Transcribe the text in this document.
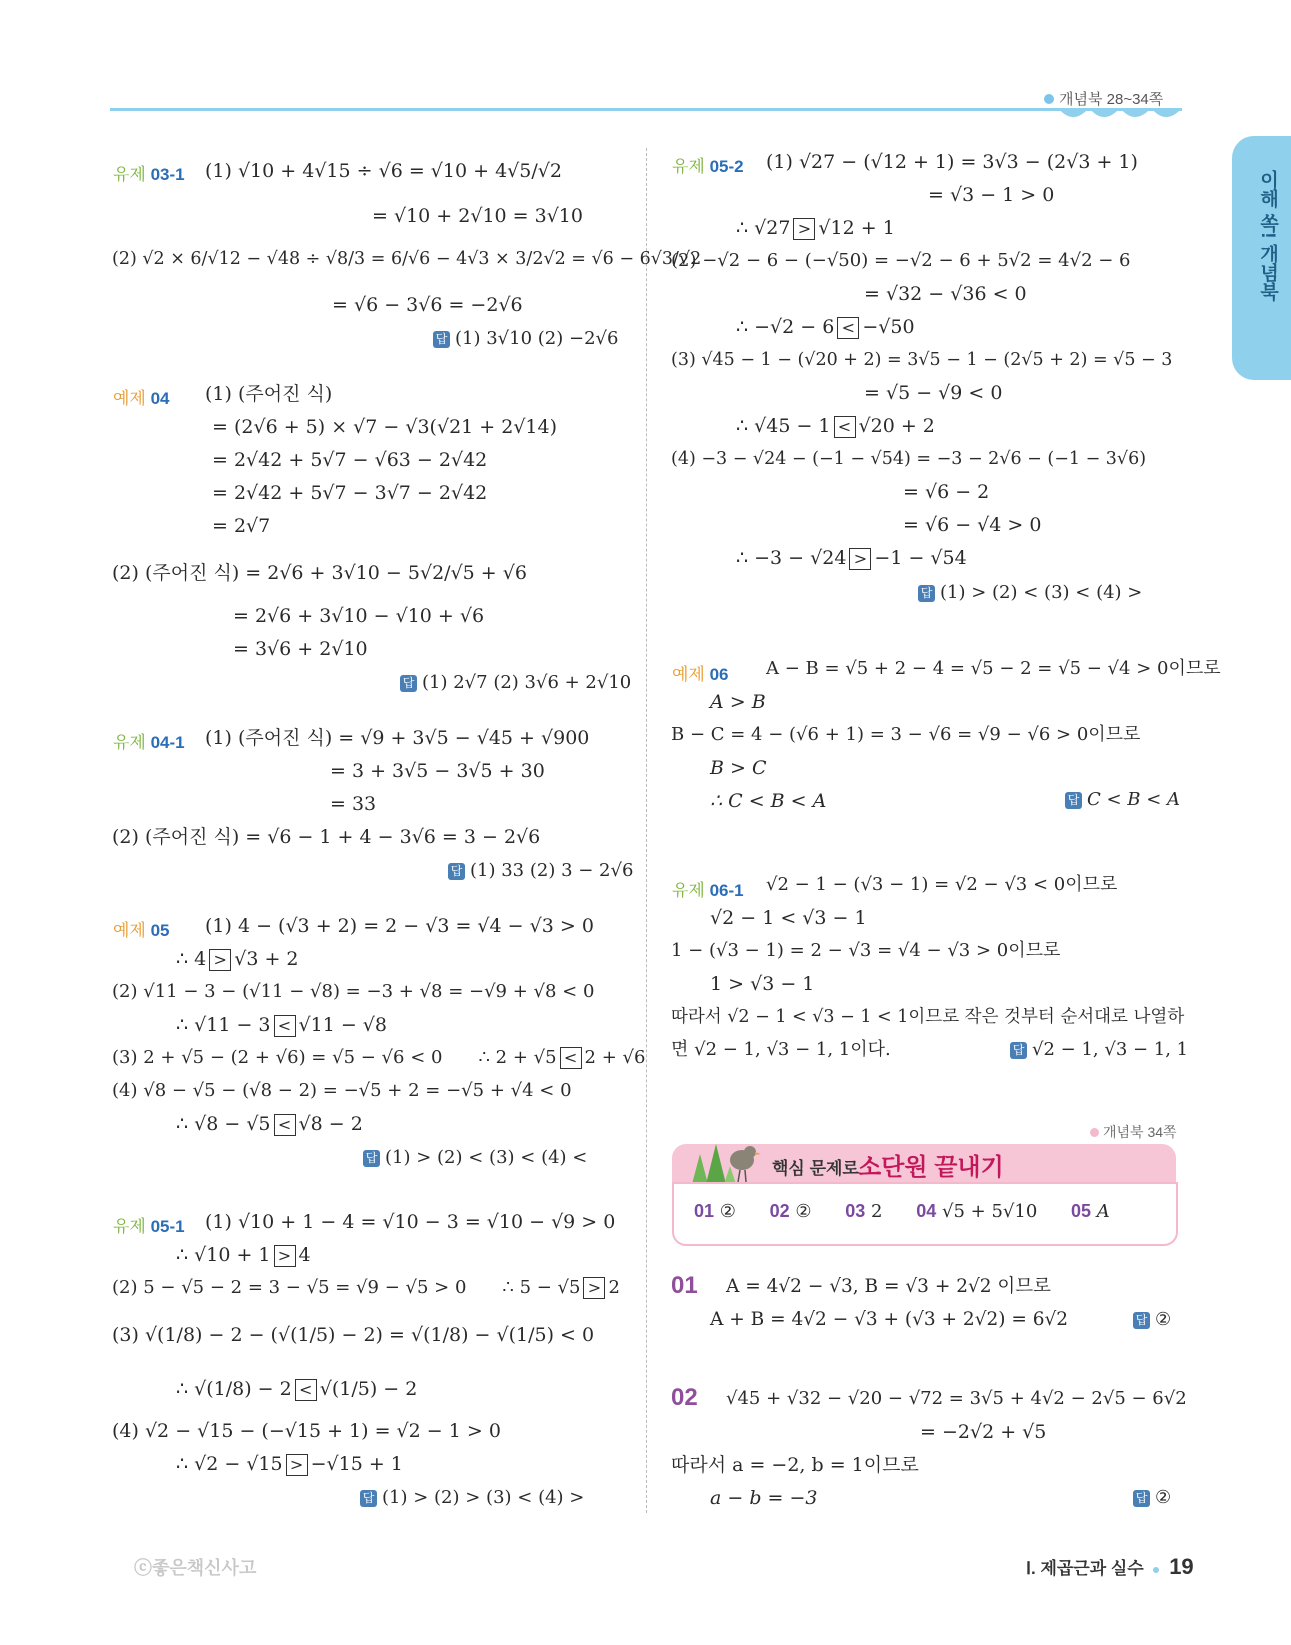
개념북 28~34쪽
이해 쏙! 개념북
유제 03-1 (1) √10 + 4√15 ÷ √6 = √10 + 4√5/√2
= √10 + 2√10 = 3√10
(2) √2 × 6/√12 − √48 ÷ √8/3 = 6/√6 − 4√3 × 3/2√2 = √6 − 6√3/√2
= √6 − 3√6 = −2√6
답 (1) 3√10 (2) −2√6
예제 04 (1) (주어진 식)
= (2√6 + 5) × √7 − √3(√21 + 2√14)
= 2√42 + 5√7 − √63 − 2√42
= 2√42 + 5√7 − 3√7 − 2√42
= 2√7
(2) (주어진 식) = 2√6 + 3√10 − 5√2/√5 + √6
= 2√6 + 3√10 − √10 + √6
= 3√6 + 2√10
답 (1) 2√7 (2) 3√6 + 2√10
유제 04-1 (1) (주어진 식) = √9 + 3√5 − √45 + √900
= 3 + 3√5 − 3√5 + 30
= 33
(2) (주어진 식) = √6 − 1 + 4 − 3√6 = 3 − 2√6
답 (1) 33 (2) 3 − 2√6
예제 05 (1) 4 − (√3 + 2) = 2 − √3 = √4 − √3 > 0
∴ 4 > √3 + 2
(2) √11 − 3 − (√11 − √8) = −3 + √8 = −√9 + √8 < 0
∴ √11 − 3 < √11 − √8
(3) 2 + √5 − (2 + √6) = √5 − √6 < 0 ∴ 2 + √5 < 2 + √6
(4) √8 − √5 − (√8 − 2) = −√5 + 2 = −√5 + √4 < 0
∴ √8 − √5 < √8 − 2
답 (1) > (2) < (3) < (4) <
유제 05-1 (1) √10 + 1 − 4 = √10 − 3 = √10 − √9 > 0
∴ √10 + 1 > 4
(2) 5 − √5 − 2 = 3 − √5 = √9 − √5 > 0 ∴ 5 − √5 > 2
(3) √(1/8) − 2 − (√(1/5) − 2) = √(1/8) − √(1/5) < 0
∴ √(1/8) − 2 < √(1/5) − 2
(4) √2 − √15 − (−√15 + 1) = √2 − 1 > 0
∴ √2 − √15 > −√15 + 1
답 (1) > (2) > (3) < (4) >
유제 05-2 (1) √27 − (√12 + 1) = 3√3 − (2√3 + 1)
= √3 − 1 > 0
∴ √27 > √12 + 1
(2) −√2 − 6 − (−√50) = −√2 − 6 + 5√2 = 4√2 − 6
= √32 − √36 < 0
∴ −√2 − 6 < −√50
(3) √45 − 1 − (√20 + 2) = 3√5 − 1 − (2√5 + 2) = √5 − 3
= √5 − √9 < 0
∴ √45 − 1 < √20 + 2
(4) −3 − √24 − (−1 − √54) = −3 − 2√6 − (−1 − 3√6)
= √6 − 2
= √6 − √4 > 0
∴ −3 − √24 > −1 − √54
답 (1) > (2) < (3) < (4) >
예제 06 A − B = √5 + 2 − 4 = √5 − 2 = √5 − √4 > 0이므로
A > B
B − C = 4 − (√6 + 1) = 3 − √6 = √9 − √6 > 0이므로
B > C
∴ C < B < A	답 C < B < A
유제 06-1 √2 − 1 − (√3 − 1) = √2 − √3 < 0이므로
√2 − 1 < √3 − 1
1 − (√3 − 1) = 2 − √3 = √4 − √3 > 0이므로
1 > √3 − 1
따라서 √2 − 1 < √3 − 1 < 1이므로 작은 것부터 순서대로 나열하
면 √2 − 1, √3 − 1, 1이다.	답 √2 − 1, √3 − 1, 1
개념북 34쪽
핵심 문제로 소단원 끝내기
01 ② 02 ② 03 2 04 √5 + 5√10 05 A
01 A = 4√2 − √3, B = √3 + 2√2 이므로
A + B = 4√2 − √3 + (√3 + 2√2) = 6√2	답 ②
02 √45 + √32 − √20 − √72 = 3√5 + 4√2 − 2√5 − 6√2
= −2√2 + √5
따라서 a = −2, b = 1이므로
a − b = −3	답 ②
ⓒ좋은책신사고	Ⅰ. 제곱근과 실수 19
